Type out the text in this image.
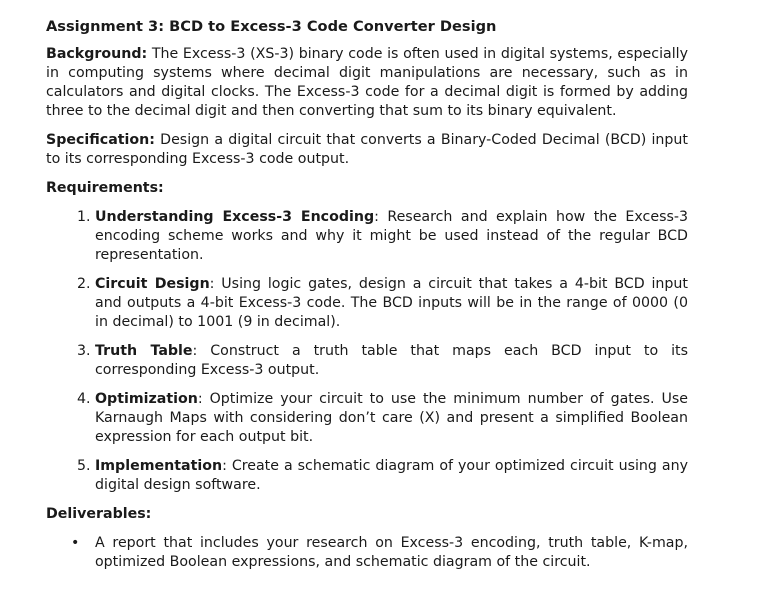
Assignment 3: BCD to Excess-3 Code Converter Design

Background: The Excess-3 (XS-3) binary code is often used in digital systems, especially in computing systems where decimal digit manipulations are necessary, such as in calculators and digital clocks. The Excess-3 code for a decimal digit is formed by adding three to the decimal digit and then converting that sum to its binary equivalent.

Specification: Design a digital circuit that converts a Binary-Coded Decimal (BCD) input to its corresponding Excess-3 code output.

Requirements:
1. Understanding Excess-3 Encoding: Research and explain how the Excess-3 encoding scheme works and why it might be used instead of the regular BCD representation.
2. Circuit Design: Using logic gates, design a circuit that takes a 4-bit BCD input and outputs a 4-bit Excess-3 code. The BCD inputs will be in the range of 0000 (0 in decimal) to 1001 (9 in decimal).
3. Truth Table: Construct a truth table that maps each BCD input to its corresponding Excess-3 output.
4. Optimization: Optimize your circuit to use the minimum number of gates. Use Karnaugh Maps with considering don’t care (X) and present a simplified Boolean expression for each output bit.
5. Implementation: Create a schematic diagram of your optimized circuit using any digital design software.
Deliverables:
• A report that includes your research on Excess-3 encoding, truth table, K-map, optimized Boolean expressions, and schematic diagram of the circuit.
